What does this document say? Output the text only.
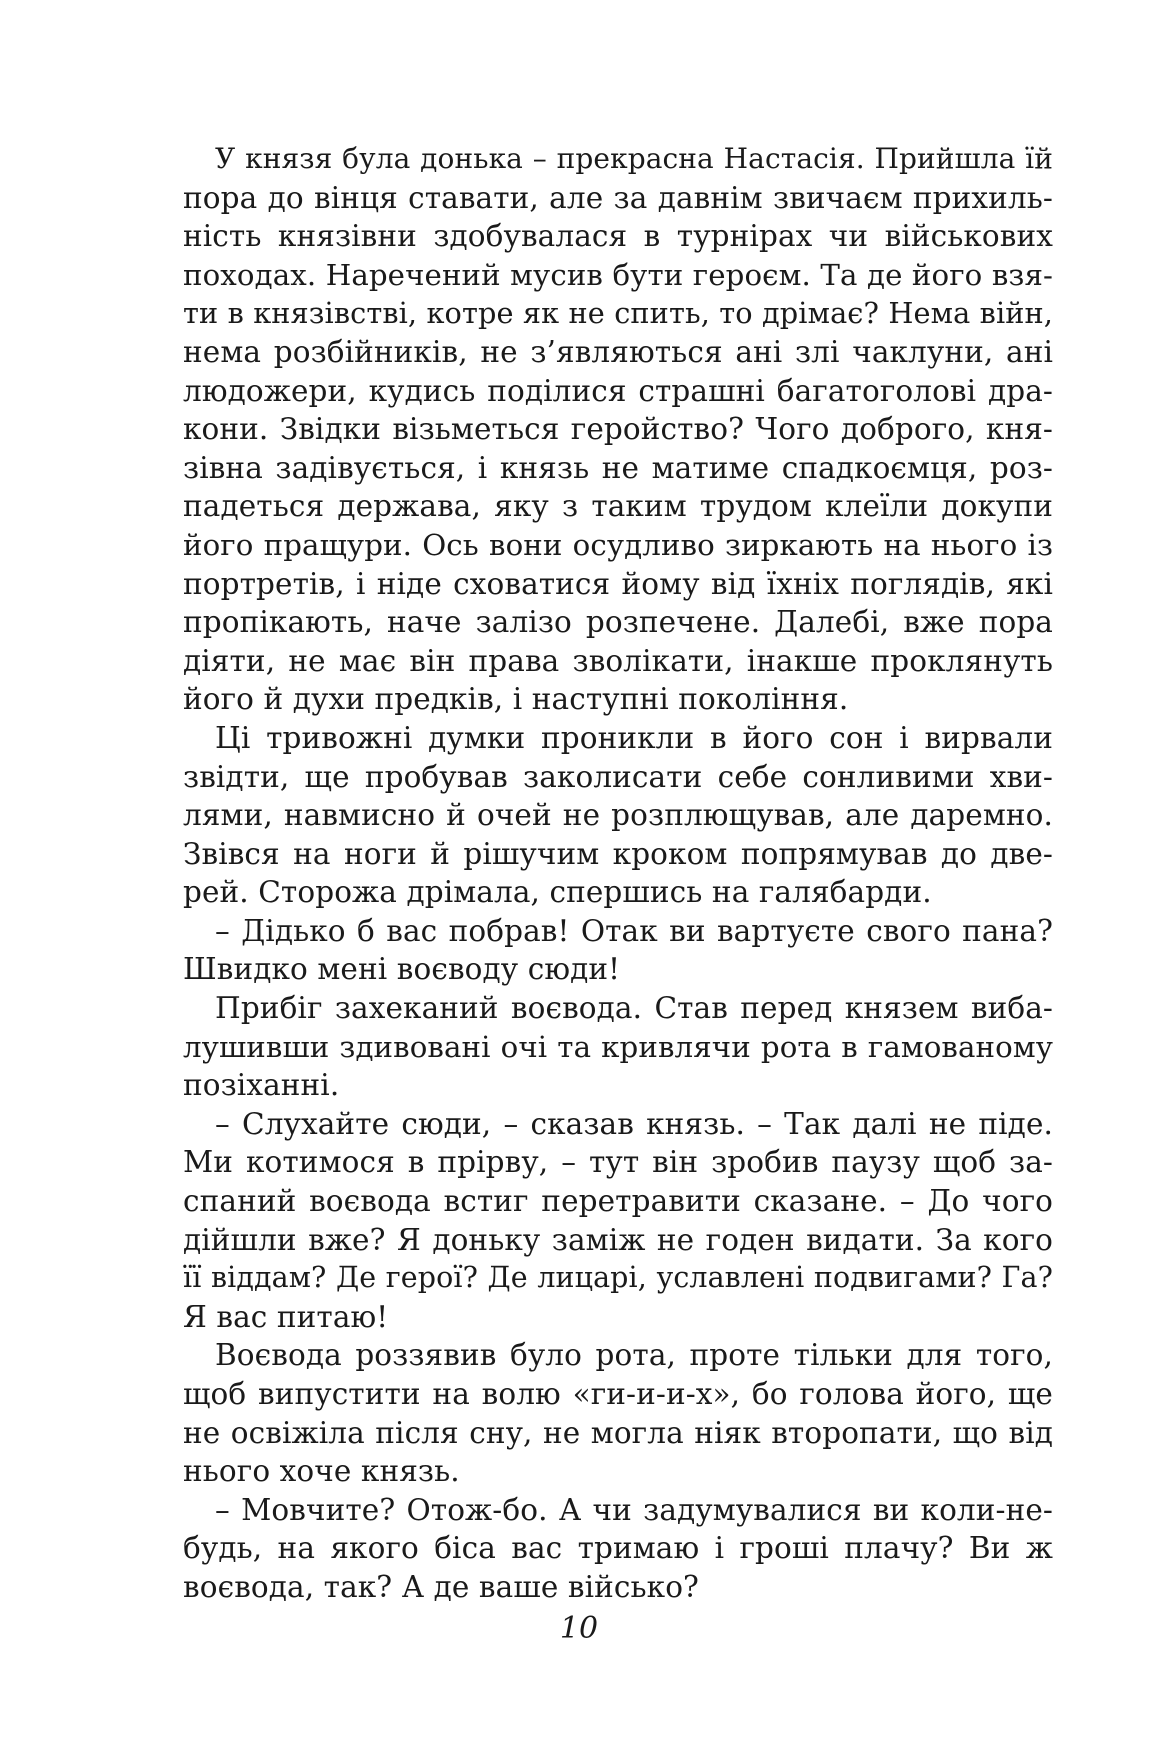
У князя була донька – прекрасна Настасія. Прийшла їй
пора до вінця ставати, але за давнім звичаєм прихиль-
ність князівни здобувалася в турнірах чи військових
походах. Наречений мусив бути героєм. Та де його взя-
ти в князівстві, котре як не спить, то дрімає? Нема війн,
нема розбійників, не з’являються ані злі чаклуни, ані
людожери, кудись поділися страшні багатоголові дра-
кони. Звідки візьметься геройство? Чого доброго, кня-
зівна задівується, і князь не матиме спадкоємця, роз-
падеться держава, яку з таким трудом клеїли докупи
його пращури. Ось вони осудливо зиркають на нього із
портретів, і ніде сховатися йому від їхніх поглядів, які
пропікають, наче залізо розпечене. Далебі, вже пора
діяти, не має він права зволікати, інакше проклянуть
його й духи предків, і наступні покоління.
Ці тривожні думки проникли в його сон і вирвали
звідти, ще пробував заколисати себе сонливими хви-
лями, навмисно й очей не розплющував, але даремно.
Звівся на ноги й рішучим кроком попрямував до две-
рей. Сторожа дрімала, спершись на галябарди.
– Дідько б вас побрав! Отак ви вартуєте свого пана?
Швидко мені воєводу сюди!
Прибіг захеканий воєвода. Став перед князем виба-
лушивши здивовані очі та кривлячи рота в гамованому
позіханні.
– Слухайте сюди, – сказав князь. – Так далі не піде.
Ми котимося в прірву, – тут він зробив паузу щоб за-
спаний воєвода встиг перетравити сказане. – До чого
дійшли вже? Я доньку заміж не годен видати. За кого
її віддам? Де герої? Де лицарі, уславлені подвигами? Га?
Я вас питаю!
Воєвода роззявив було рота, проте тільки для того,
щоб випустити на волю «ги-и-и-х», бо голова його, ще
не освіжіла після сну, не могла ніяк второпати, що від
нього хоче князь.
– Мовчите? Отож-бо. А чи задумувалися ви коли-не-
будь, на якого біса вас тримаю і гроші плачу? Ви ж
воєвода, так? А де ваше військо?
10
